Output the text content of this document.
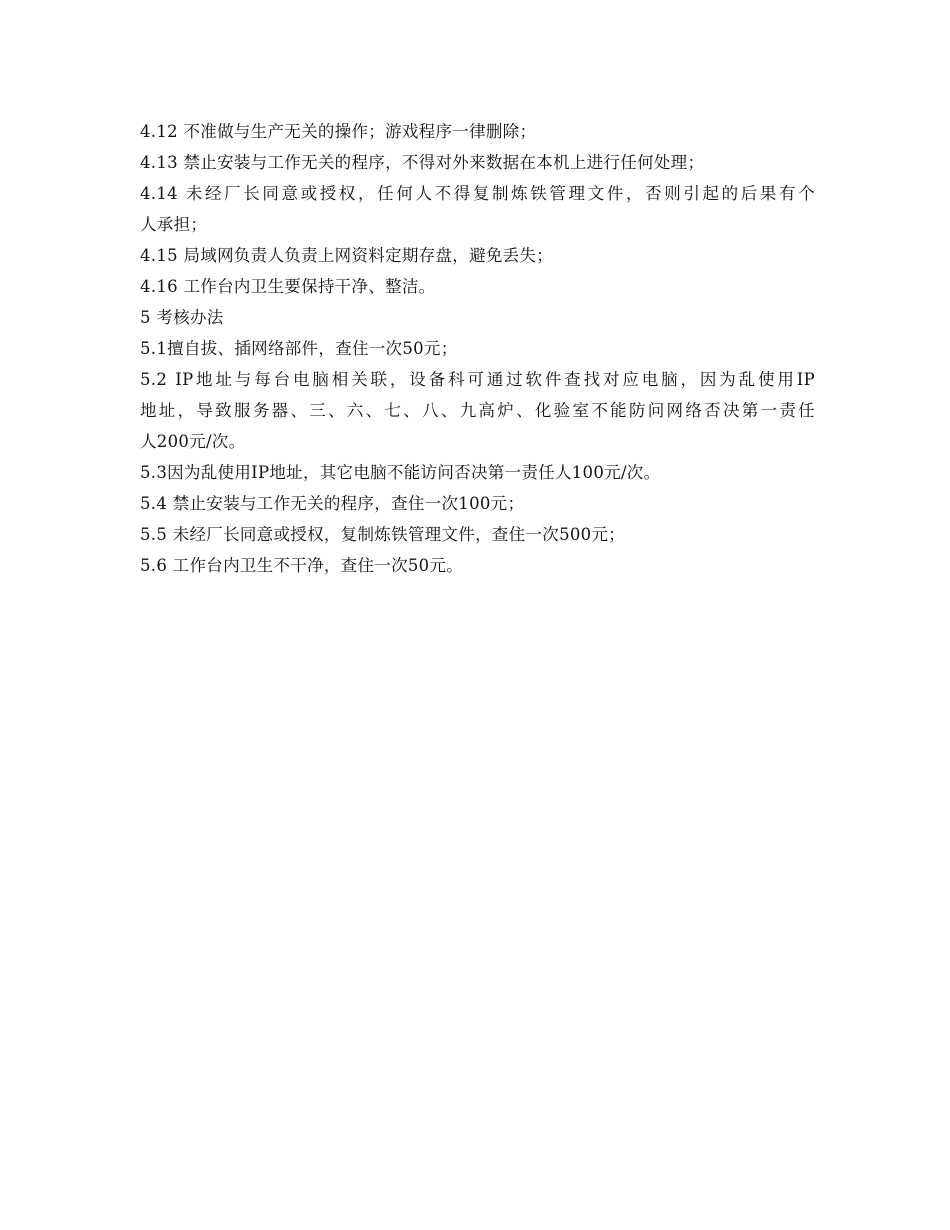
4.12 不准做与生产无关的操作；游戏程序一律删除；

4.13 禁止安装与工作无关的程序，不得对外来数据在本机上进行任何处理；

4.14 未经厂长同意或授权，任何人不得复制炼铁管理文件，否则引起的后果有个
人承担；

4.15 局域网负责人负责上网资料定期存盘，避免丢失；

4.16 工作台内卫生要保持干净、整洁。

5 考核办法

5.1擅自拔、插网络部件，查住一次50元；

5.2 IP地址与每台电脑相关联，设备科可通过软件查找对应电脑，因为乱使用IP
地址，导致服务器、三、六、七、八、九高炉、化验室不能防问网络否决第一责任
人200元/次。

5.3因为乱使用IP地址，其它电脑不能访问否决第一责任人100元/次。

5.4 禁止安装与工作无关的程序，查住一次100元；

5.5 未经厂长同意或授权，复制炼铁管理文件，查住一次500元；

5.6 工作台内卫生不干净，查住一次50元。
